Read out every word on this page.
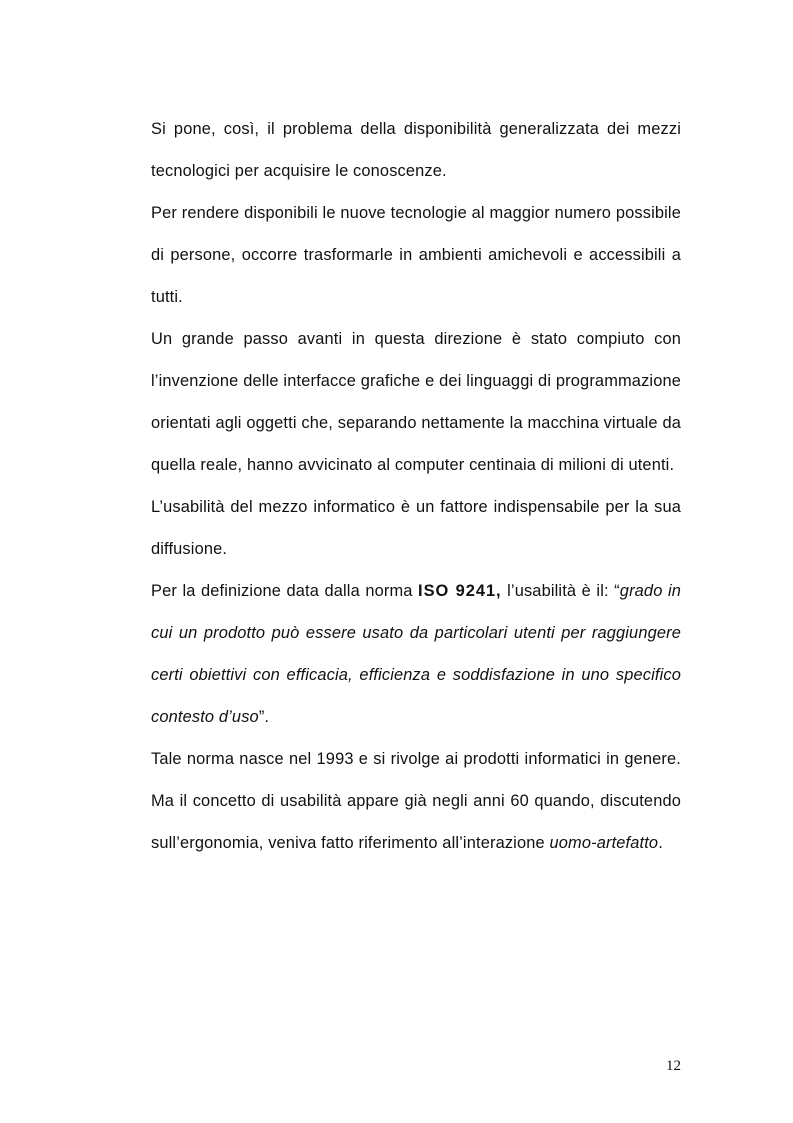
Si pone, così, il problema della disponibilità generalizzata dei mezzi tecnologici per acquisire le conoscenze.

Per rendere disponibili le nuove tecnologie al maggior numero possibile di persone, occorre trasformarle in ambienti amichevoli e accessibili a tutti.

Un grande passo avanti in questa direzione è stato compiuto con l’invenzione delle interfacce grafiche e dei linguaggi di programmazione orientati agli oggetti che, separando nettamente la macchina virtuale da quella reale, hanno avvicinato al computer centinaia di milioni di utenti.

L’usabilità del mezzo informatico è un fattore indispensabile per la sua diffusione.

Per la definizione data dalla norma ISO 9241, l’usabilità è il: “grado in cui un prodotto può essere usato da particolari utenti per raggiungere certi obiettivi con efficacia, efficienza e soddisfazione in uno specifico contesto d’uso”.

Tale norma nasce nel 1993 e si rivolge ai prodotti informatici in genere. Ma il concetto di usabilità appare già negli anni 60 quando, discutendo sull’ergonomia, veniva fatto riferimento all’interazione uomo-artefatto.

12
